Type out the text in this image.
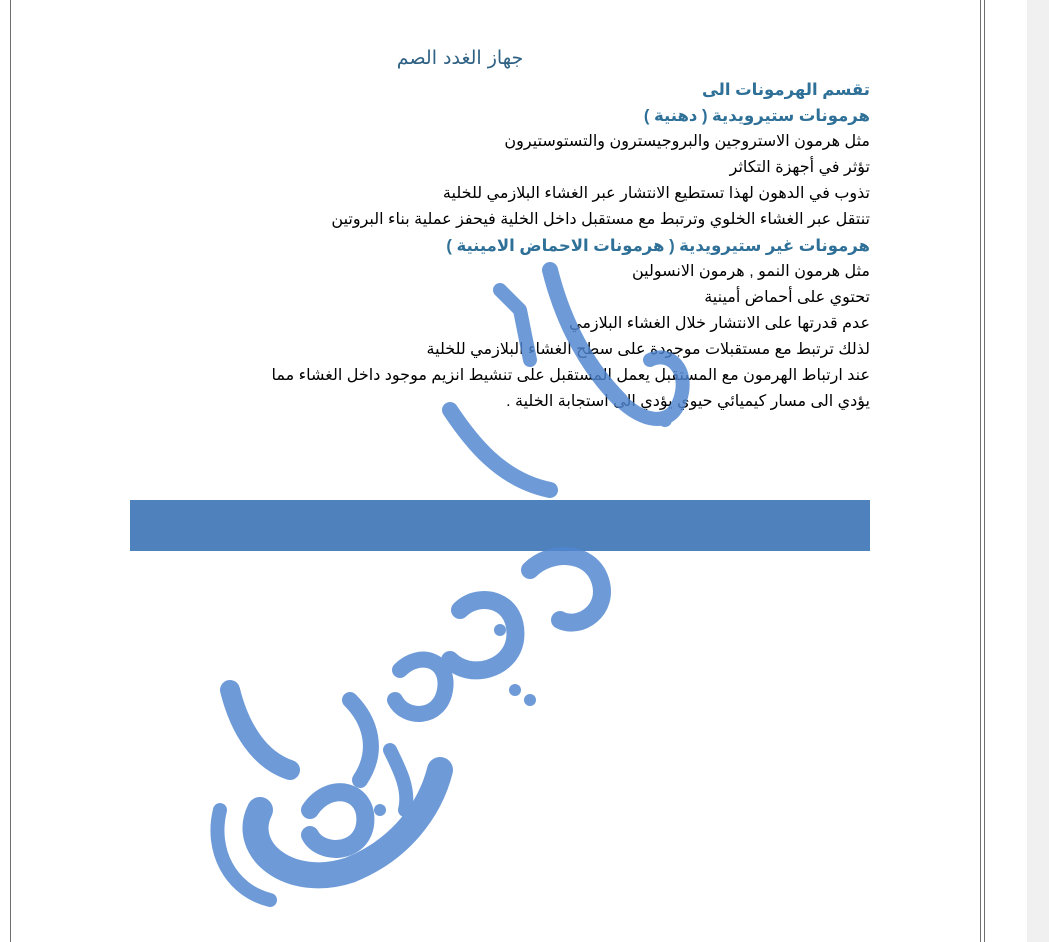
جهاز الغدد الصم
تقسم الهرمونات الى
هرمونات ستيرويدية ( دهنية )
مثل هرمون الاستروجين والبروجيسترون والتستوستيرون
تؤثر في أجهزة التكاثر
تذوب في الدهون لهذا تستطيع الانتشار عبر الغشاء البلازمي للخلية
تنتقل عبر الغشاء الخلوي وترتبط مع مستقبل داخل الخلية فيحفز عملية بناء البروتين
هرمونات غير ستيرويدية ( هرمونات الاحماض الامينية )
مثل هرمون النمو , هرمون الانسولين
تحتوي على أحماض أمينية
عدم قدرتها على الانتشار خلال الغشاء البلازمي
لذلك ترتبط مع مستقبلات موجودة على سطح الغشاء البلازمي للخلية
عند ارتباط الهرمون مع المستقبل يعمل المستقبل على تنشيط انزيم موجود داخل الغشاء مما
يؤدي الى مسار كيميائي حيوي يؤدي الى استجابة الخلية .
